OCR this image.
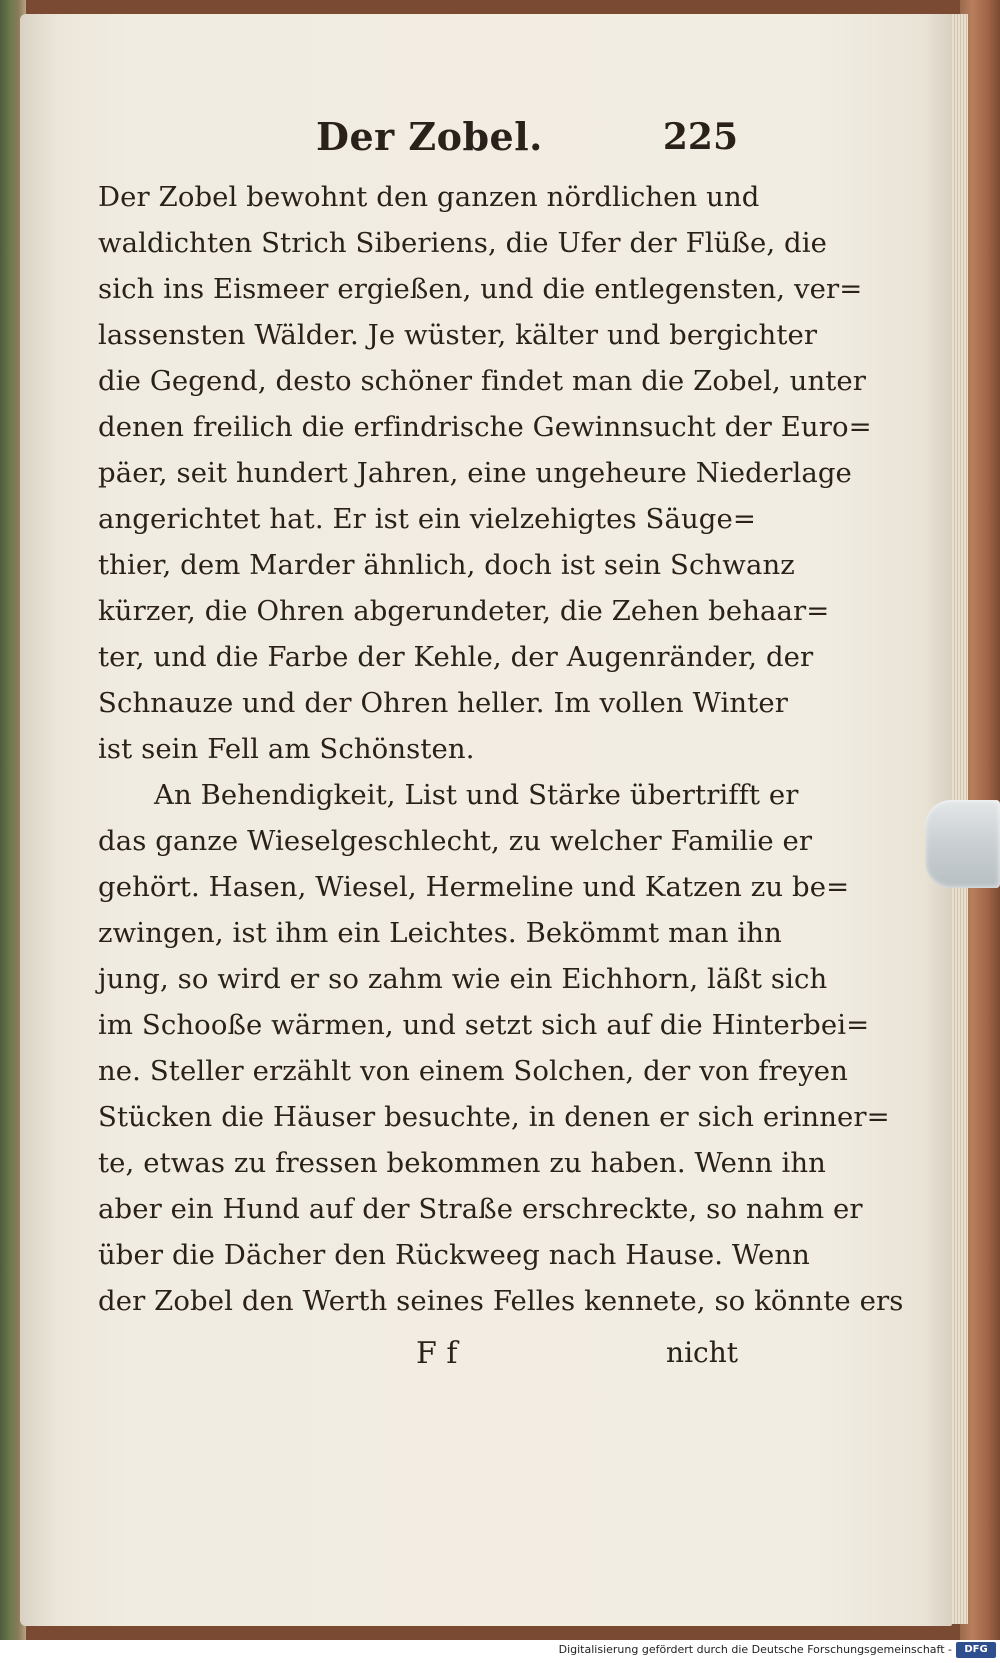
Der Zobel.	225
Der Zobel bewohnt den ganzen nördlichen und
waldichten Strich Siberiens, die Ufer der Flüße, die
sich ins Eismeer ergießen, und die entlegensten, ver=
lassensten Wälder. Je wüster, kälter und bergichter
die Gegend, desto schöner findet man die Zobel, unter
denen freilich die erfindrische Gewinnsucht der Euro=
päer, seit hundert Jahren, eine ungeheure Niederlage
angerichtet hat. Er ist ein vielzehigtes Säuge=
thier, dem Marder ähnlich, doch ist sein Schwanz
kürzer, die Ohren abgerundeter, die Zehen behaar=
ter, und die Farbe der Kehle, der Augenränder, der
Schnauze und der Ohren heller. Im vollen Winter
ist sein Fell am Schönsten.
An Behendigkeit, List und Stärke übertrifft er
das ganze Wieselgeschlecht, zu welcher Familie er
gehört. Hasen, Wiesel, Hermeline und Katzen zu be=
zwingen, ist ihm ein Leichtes. Bekömmt man ihn
jung, so wird er so zahm wie ein Eichhorn, läßt sich
im Schooße wärmen, und setzt sich auf die Hinterbei=
ne. Steller erzählt von einem Solchen, der von freyen
Stücken die Häuser besuchte, in denen er sich erinner=
te, etwas zu fressen bekommen zu haben. Wenn ihn
aber ein Hund auf der Straße erschreckte, so nahm er
über die Dächer den Rückweeg nach Hause. Wenn
der Zobel den Werth seines Felles kennete, so könnte ers
F f	nicht
Digitalisierung gefördert durch die Deutsche Forschungsgemeinschaft -	DFG
